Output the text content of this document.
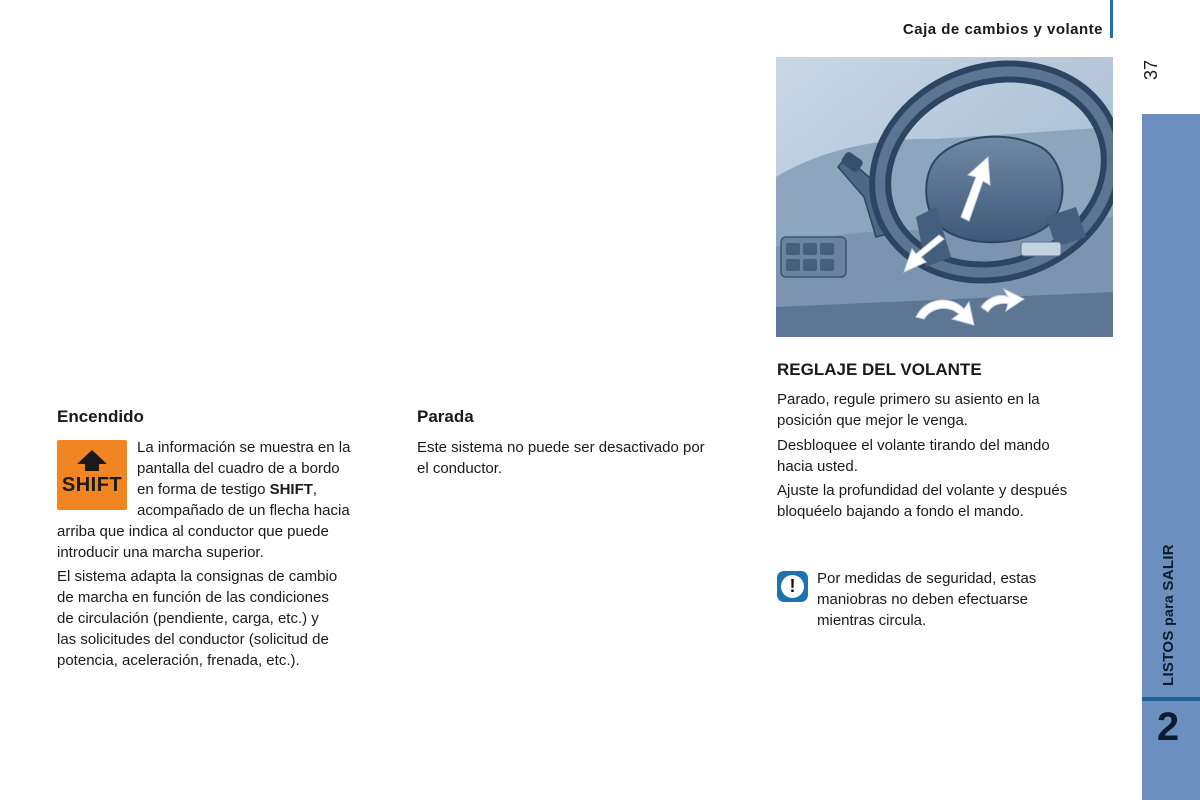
Caja de cambios y volante
37
LISTOS para SALIR
2
Encendido
SHIFT

La información se muestra en la
pantalla del cuadro de a bordo
en forma de testigo SHIFT,
acompañado de un flecha hacia

arriba que indica al conductor que puede
introducir una marcha superior.

El sistema adapta la consignas de cambio
de marcha en función de las condiciones
de circulación (pendiente, carga, etc.) y
las solicitudes del conductor (solicitud de
potencia, aceleración, frenada, etc.).

Parada

Este sistema no puede ser desactivado por
el conductor.

REGLAJE DEL VOLANTE

Parado, regule primero su asiento en la
posición que mejor le venga.

Desbloquee el volante tirando del mando
hacia usted.

Ajuste la profundidad del volante y después
bloquéelo bajando a fondo el mando.

!	Por medidas de seguridad, estas
maniobras no deben efectuarse
mientras circula.
